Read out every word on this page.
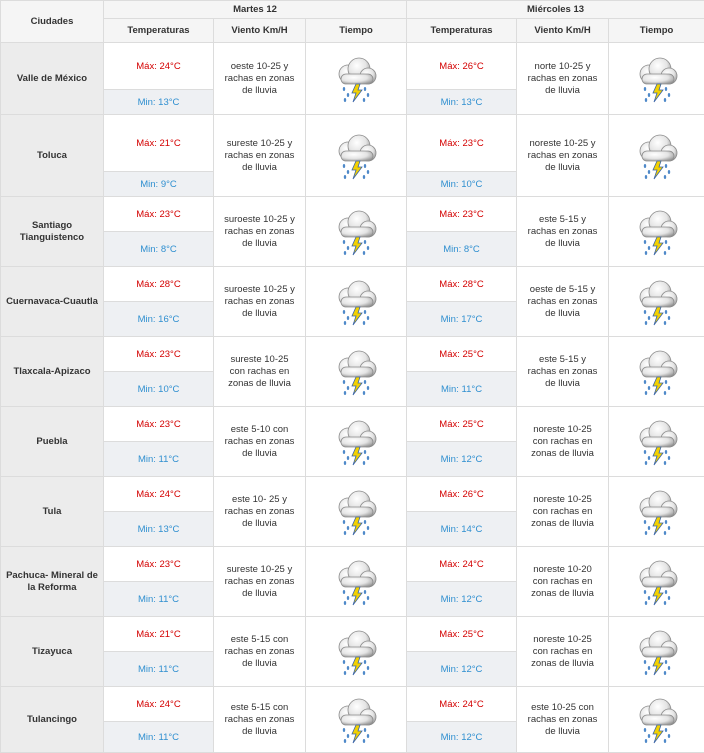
Ciudades	Martes 12			Miércoles 13		
	Temperaturas	Viento Km/H	Tiempo	Temperaturas	Viento Km/H	Tiempo
Valle de México	Máx: 24°C	oeste 10-25 y rachas en zonas de lluvia		Máx: 26°C	norte 10-25 y rachas en zonas de lluvia	

	Min: 13°C			Min: 13°C		
Toluca	Máx: 21°C	sureste 10-25 y rachas en zonas de lluvia		Máx: 23°C	noreste 10-25 y rachas en zonas de lluvia	

	Min: 9°C			Min: 10°C		
Santiago Tianguistenco	Máx: 23°C	suroeste 10-25 y rachas en zonas de lluvia		Máx: 23°C	este 5-15 y rachas en zonas de lluvia	

	Min: 8°C			Min: 8°C		
Cuernavaca-Cuautla	Máx: 28°C	suroeste 10-25 y rachas en zonas de lluvia		Máx: 28°C	oeste de 5-15 y rachas en zonas de lluvia	

	Min: 16°C			Min: 17°C		
Tlaxcala-Apizaco	Máx: 23°C	sureste 10-25 con rachas en zonas de lluvia		Máx: 25°C	este 5-15 y rachas en zonas de lluvia	

	Min: 10°C			Min: 11°C		
Puebla	Máx: 23°C	este 5-10 con rachas en zonas de lluvia		Máx: 25°C	noreste 10-25 con rachas en zonas de lluvia	

	Min: 11°C			Min: 12°C		
Tula	Máx: 24°C	este 10- 25 y rachas en zonas de lluvia		Máx: 26°C	noreste 10-25 con rachas en zonas de lluvia	

	Min: 13°C			Min: 14°C		
Pachuca- Mineral de la Reforma	Máx: 23°C	sureste 10-25 y rachas en zonas de lluvia		Máx: 24°C	noreste 10-20 con rachas en zonas de lluvia	

	Min: 11°C			Min: 12°C		
Tizayuca	Máx: 21°C	este 5-15 con rachas en zonas de lluvia		Máx: 25°C	noreste 10-25 con rachas en zonas de lluvia	

	Min: 11°C			Min: 12°C		
Tulancingo	Máx: 24°C	este 5-15 con rachas en zonas de lluvia		Máx: 24°C	este 10-25 con rachas en zonas de lluvia	

	Min: 11°C			Min: 12°C		
